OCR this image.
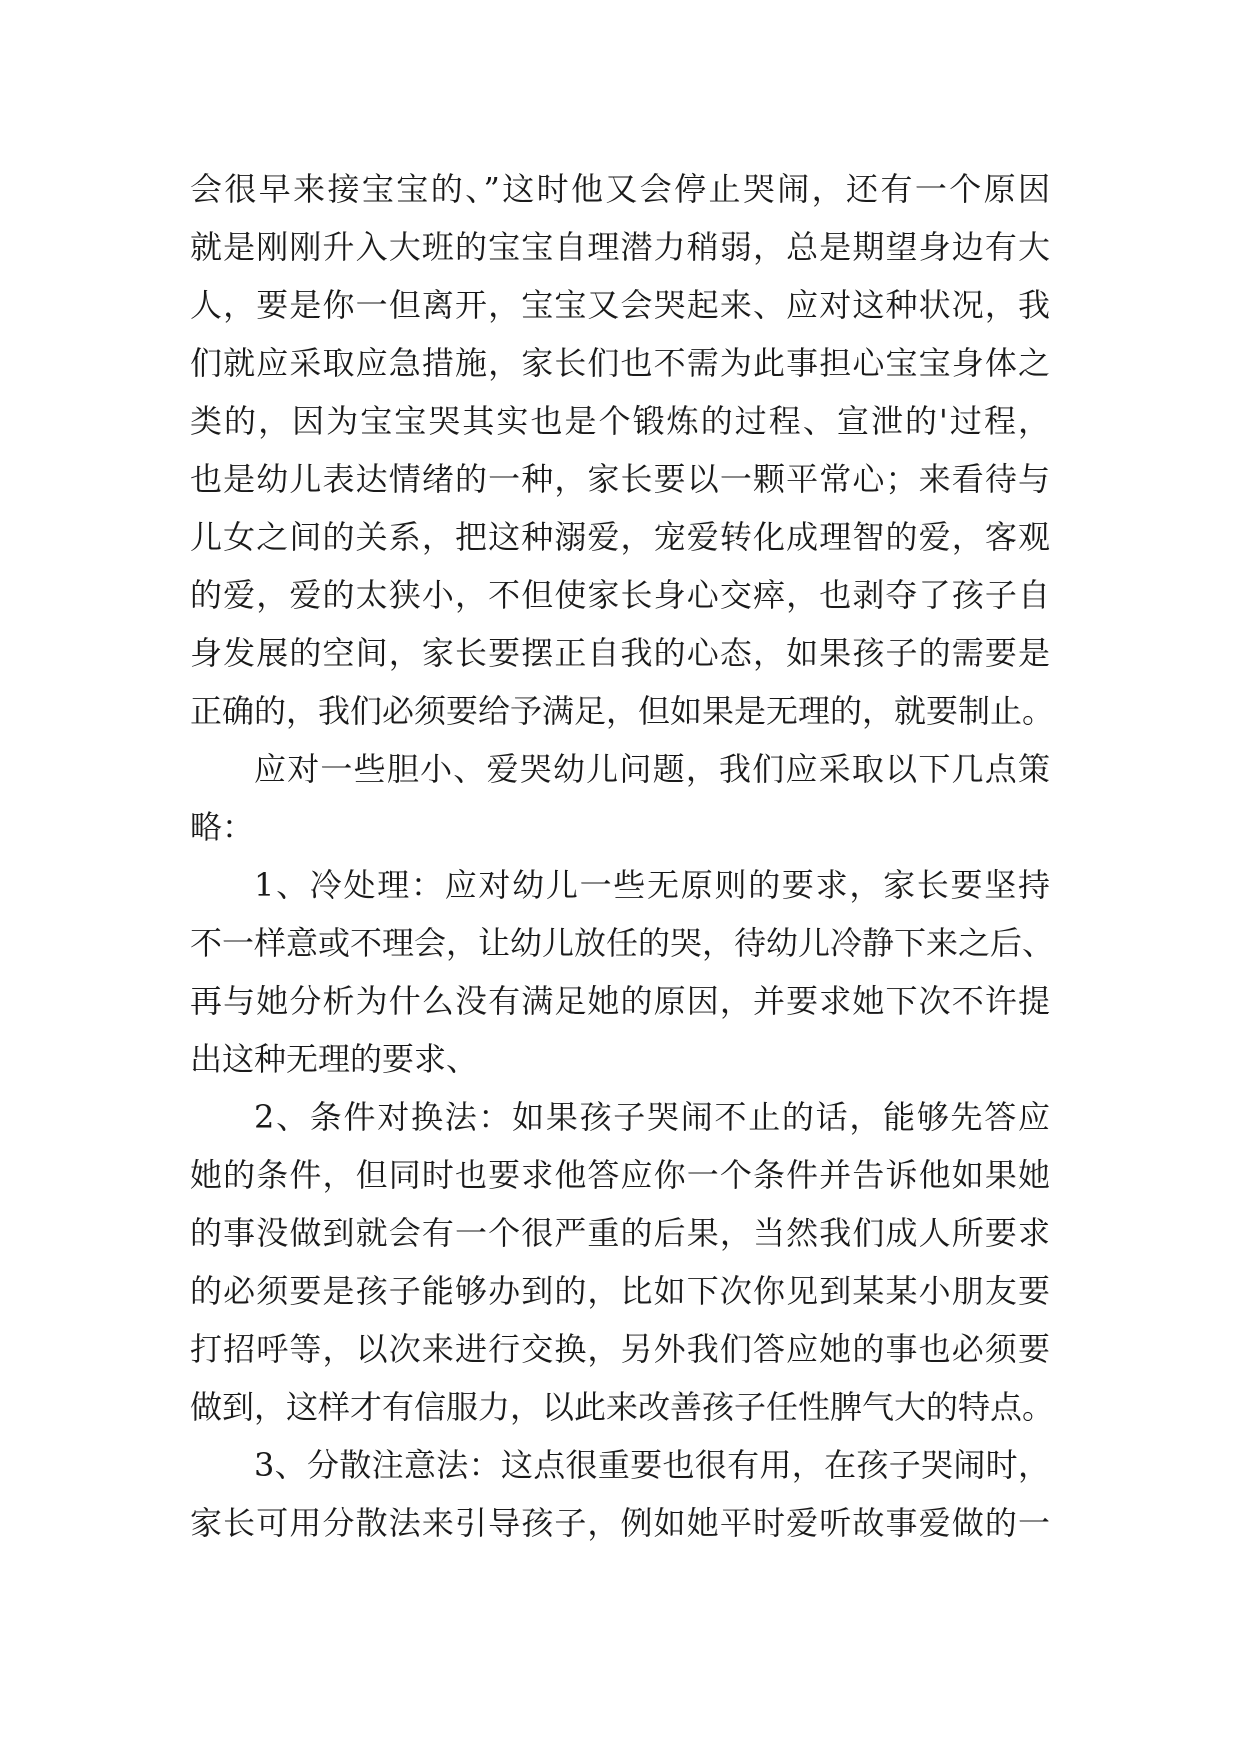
会很早来接宝宝的、”这时他又会停止哭闹，还有一个原因
就是刚刚升入大班的宝宝自理潜力稍弱，总是期望身边有大
人，要是你一但离开，宝宝又会哭起来、应对这种状况，我
们就应采取应急措施，家长们也不需为此事担心宝宝身体之
类的，因为宝宝哭其实也是个锻炼的过程、宣泄的'过程，
也是幼儿表达情绪的一种，家长要以一颗平常心；来看待与
儿女之间的关系，把这种溺爱，宠爱转化成理智的爱，客观
的爱，爱的太狭小，不但使家长身心交瘁，也剥夺了孩子自
身发展的空间，家长要摆正自我的心态，如果孩子的需要是
正确的，我们必须要给予满足，但如果是无理的，就要制止。
应对一些胆小、爱哭幼儿问题，我们应采取以下几点策
略：
1、冷处理：应对幼儿一些无原则的要求，家长要坚持
不一样意或不理会，让幼儿放任的哭，待幼儿冷静下来之后、
再与她分析为什么没有满足她的原因，并要求她下次不许提
出这种无理的要求、
2、条件对换法：如果孩子哭闹不止的话，能够先答应
她的条件，但同时也要求他答应你一个条件并告诉他如果她
的事没做到就会有一个很严重的后果，当然我们成人所要求
的必须要是孩子能够办到的，比如下次你见到某某小朋友要
打招呼等，以次来进行交换，另外我们答应她的事也必须要
做到，这样才有信服力，以此来改善孩子任性脾气大的特点。
3、分散注意法：这点很重要也很有用，在孩子哭闹时，
家长可用分散法来引导孩子，例如她平时爱听故事爱做的一
